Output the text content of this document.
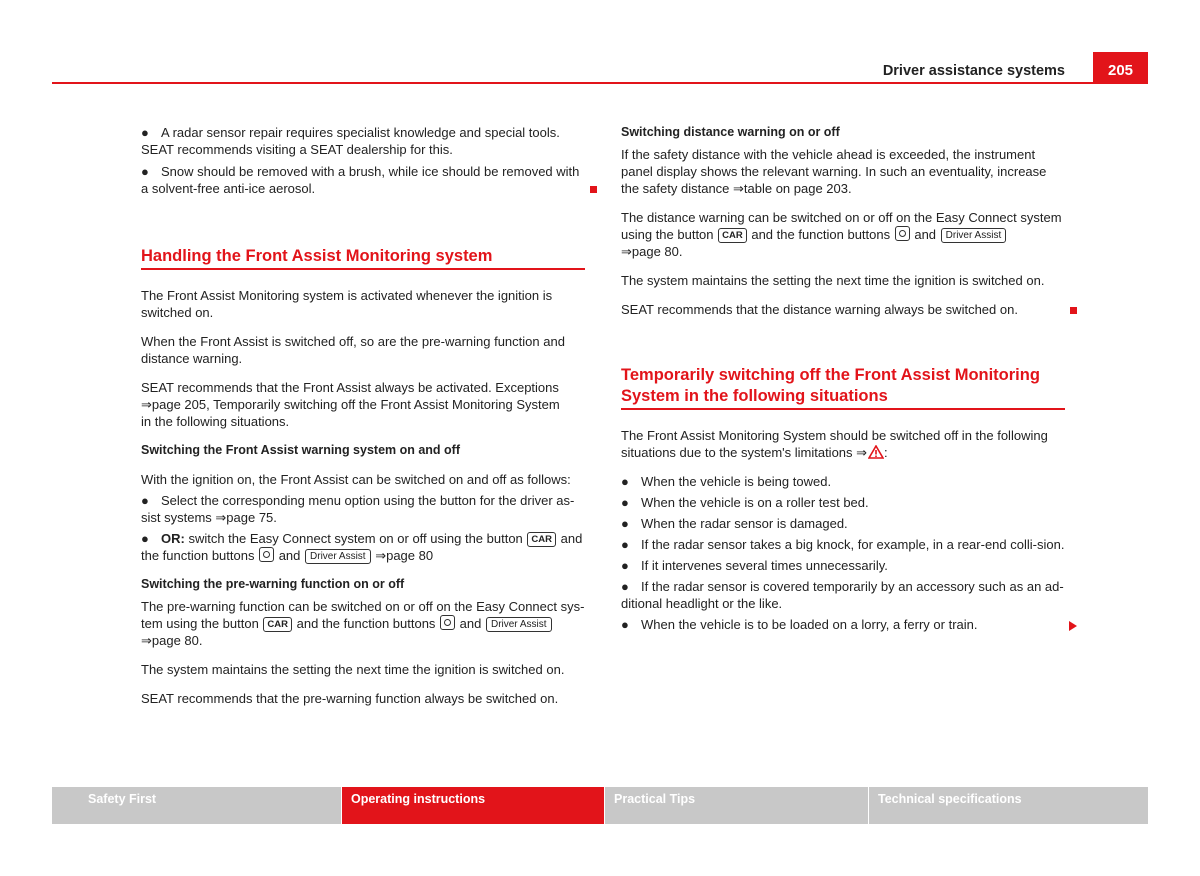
Driver assistance systems	205
● A radar sensor repair requires specialist knowledge and special tools. SEAT recommends visiting a SEAT dealership for this.
● Snow should be removed with a brush, while ice should be removed with a solvent-free anti-ice aerosol.
Handling the Front Assist Monitoring system

The Front Assist Monitoring system is activated whenever the ignition is switched on.

When the Front Assist is switched off, so are the pre-warning function and distance warning.

SEAT recommends that the Front Assist always be activated. Exceptions
⇒page 205, Temporarily switching off the Front Assist Monitoring System
in the following situations.

Switching the Front Assist warning system on and off

With the ignition on, the Front Assist can be switched on and off as follows:

● Select the corresponding menu option using the button for the driver as-sist systems ⇒page 75.
● OR: switch the Easy Connect system on or off using the button CAR and the function buttons  and Driver Assist ⇒page 80

Switching the pre-warning function on or off

The pre-warning function can be switched on or off on the Easy Connect sys-tem using the button CAR and the function buttons  and Driver Assist
⇒page 80.

The system maintains the setting the next time the ignition is switched on.

SEAT recommends that the pre-warning function always be switched on.

Switching distance warning on or off

If the safety distance with the vehicle ahead is exceeded, the instrument panel display shows the relevant warning. In such an eventuality, increase the safety distance ⇒table on page 203.

The distance warning can be switched on or off on the Easy Connect system using the button CAR and the function buttons  and Driver Assist
⇒page 80.

The system maintains the setting the next time the ignition is switched on.

SEAT recommends that the distance warning always be switched on.
Temporarily switching off the Front Assist Monitoring System in the following situations

The Front Assist Monitoring System should be switched off in the following situations due to the system's limitations ⇒ :

● When the vehicle is being towed.
● When the vehicle is on a roller test bed.
● When the radar sensor is damaged.
● If the radar sensor takes a big knock, for example, in a rear-end colli-sion.
● If it intervenes several times unnecessarily.
● If the radar sensor is covered temporarily by an accessory such as an ad-ditional headlight or the like.
● When the vehicle is to be loaded on a lorry, a ferry or train.
Safety First	Operating instructions	Practical Tips	Technical specifications
